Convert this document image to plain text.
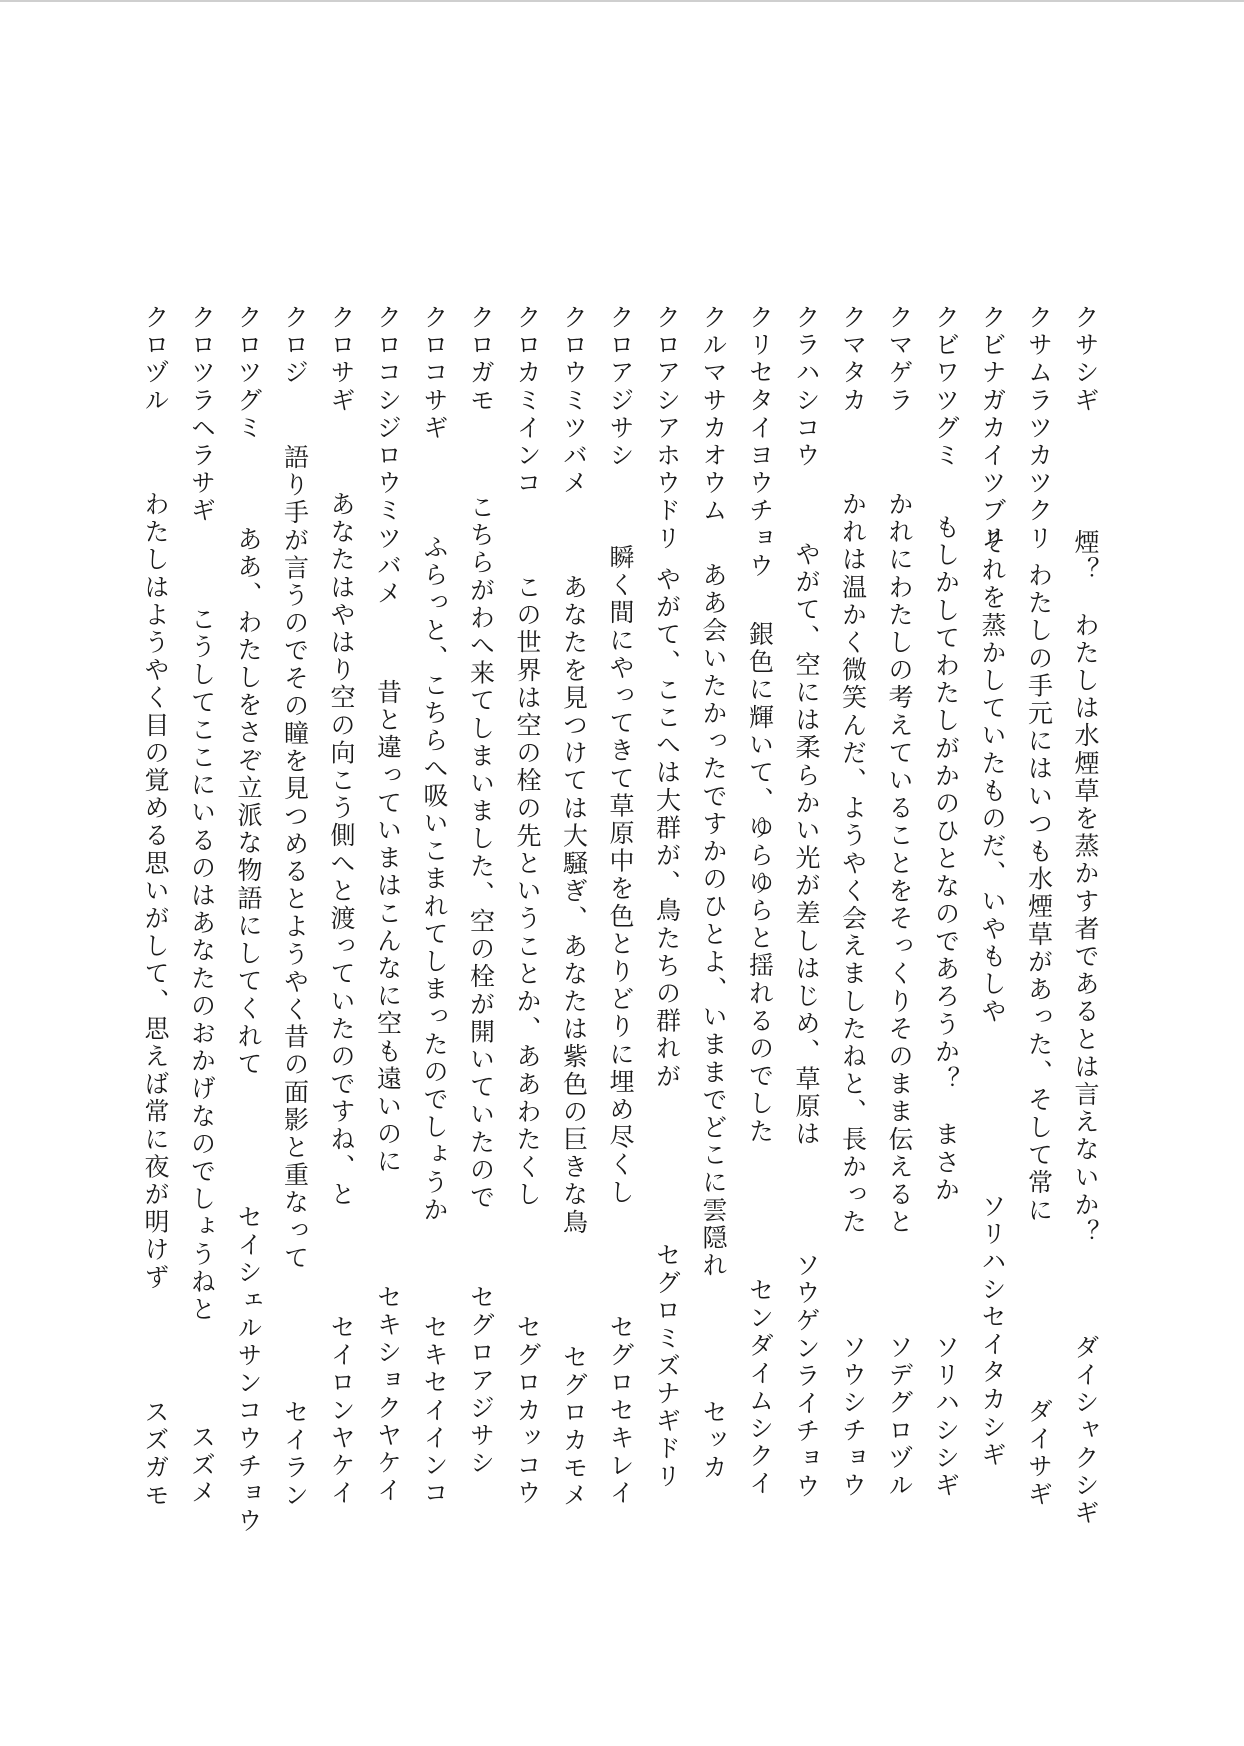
クサシギ
煙？　わたしは水煙草を蒸かす者であるとは言えないか？
ダイシャクシギ
クサムラツカツクリ
わたしの手元にはいつも水煙草があった、そして常に
ダイサギ
クビナガカイツブリ
それを蒸かしていたものだ、いやもしや
ソリハシセイタカシギ
クビワツグミ
もしかしてわたしがかのひとなのであろうか？　まさか
ソリハシシギ
クマゲラ
かれにわたしの考えていることをそっくりそのまま伝えると
ソデグロヅル
クマタカ
かれは温かく微笑んだ、ようやく会えましたねと、長かった
ソウシチョウ
クラハシコウ
やがて、空には柔らかい光が差しはじめ、草原は
ソウゲンライチョウ
クリセタイヨウチョウ
銀色に輝いて、ゆらゆらと揺れるのでした
センダイムシクイ
クルマサカオウム
ああ会いたかったですかのひとよ、いままでどこに雲隠れ
セッカ
クロアシアホウドリ
やがて、ここへは大群が、鳥たちの群れが
セグロミズナギドリ
クロアジサシ
瞬く間にやってきて草原中を色とりどりに埋め尽くし
セグロセキレイ
クロウミツバメ
あなたを見つけては大騒ぎ、あなたは紫色の巨きな鳥
セグロカモメ
クロカミインコ
この世界は空の栓の先ということか、ああわたくし
セグロカッコウ
クロガモ
こちらがわへ来てしまいました、空の栓が開いていたので
セグロアジサシ
クロコサギ
ふらっと、こちらへ吸いこまれてしまったのでしょうか
セキセイインコ
クロコシジロウミツバメ
昔と違っていまはこんなに空も遠いのに
セキショクヤケイ
クロサギ
あなたはやはり空の向こう側へと渡っていたのですね、と
セイロンヤケイ
クロジ
語り手が言うのでその瞳を見つめるとようやく昔の面影と重なって
セイラン
クロツグミ
ああ、わたしをさぞ立派な物語にしてくれて
セイシェルサンコウチョウ
クロツラヘラサギ
こうしてここにいるのはあなたのおかげなのでしょうねと
スズメ
クロヅル
わたしはようやく目の覚める思いがして、思えば常に夜が明けず
スズガモ
